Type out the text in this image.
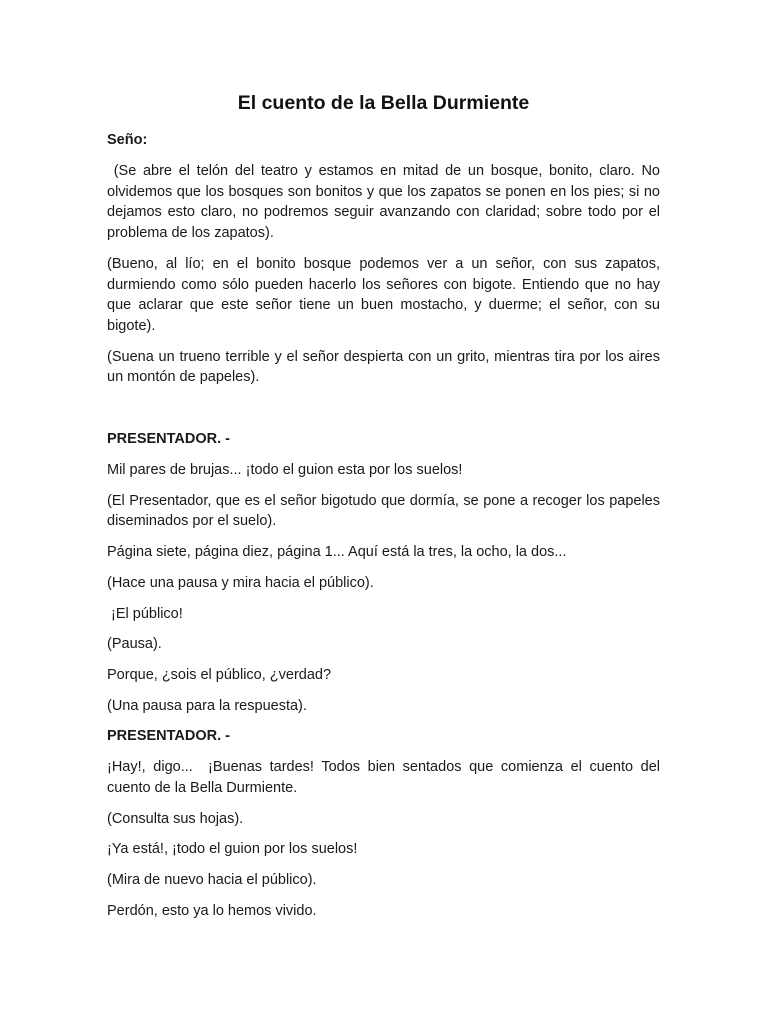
El cuento de la Bella Durmiente
Seño:

(Se abre el telón del teatro y estamos en mitad de un bosque, bonito, claro. No olvidemos que los bosques son bonitos y que los zapatos se ponen en los pies; si no dejamos esto claro, no podremos seguir avanzando con claridad; sobre todo por el problema de los zapatos).

(Bueno, al lío; en el bonito bosque podemos ver a un señor, con sus zapatos, durmiendo como sólo pueden hacerlo los señores con bigote. Entiendo que no hay que aclarar que este señor tiene un buen mostacho, y duerme; el señor, con su bigote).

(Suena un trueno terrible y el señor despierta con un grito, mientras tira por los aires un montón de papeles).

PRESENTADOR. -

Mil pares de brujas... ¡todo el guion esta por los suelos!

(El Presentador, que es el señor bigotudo que dormía, se pone a recoger los papeles diseminados por el suelo).

Página siete, página diez, página 1... Aquí está la tres, la ocho, la dos...

(Hace una pausa y mira hacia el público).

¡El público!

(Pausa).

Porque, ¿sois el público, ¿verdad?

(Una pausa para la respuesta).

PRESENTADOR. -

¡Hay!, digo...  ¡Buenas tardes! Todos bien sentados que comienza el cuento del cuento de la Bella Durmiente.

(Consulta sus hojas).

¡Ya está!, ¡todo el guion por los suelos!

(Mira de nuevo hacia el público).

Perdón, esto ya lo hemos vivido.
